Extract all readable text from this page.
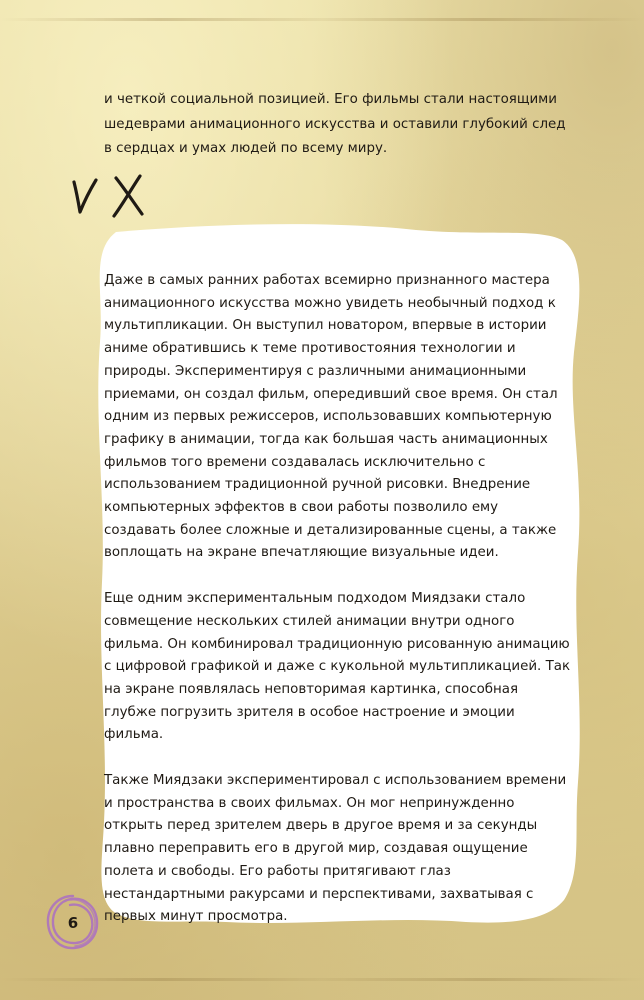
и четкой социальной позицией. Его фильмы стали настоящими шедеврами анимационного искусства и оставили глубокий след в сердцах и умах людей по всему миру.

Даже в самых ранних работах всемирно признанного мастера анимационного искусства можно увидеть необычный подход к мультипликации. Он выступил новатором, впервые в истории аниме обратившись к теме противостояния технологии и природы. Экспериментируя с различными анимационными приемами, он создал фильм, опередивший свое время. Он стал одним из первых режиссеров, использовавших компьютерную графику в анимации, тогда как большая часть анимационных фильмов того времени создавалась исключительно с использованием традиционной ручной рисовки. Внедрение компьютерных эффектов в свои работы позволило ему создавать более сложные и детализированные сцены, а также воплощать на экране впечатляющие визуальные идеи.

Еще одним экспериментальным подходом Миядзаки стало совмещение нескольких стилей анимации внутри одного фильма. Он комбинировал традиционную рисованную анимацию с цифровой графикой и даже с кукольной мультипликацией. Так на экране появлялась неповторимая картинка, способная глубже погрузить зрителя в особое настроение и эмоции фильма.

Также Миядзаки экспериментировал с использованием времени и пространства в своих фильмах. Он мог непринужденно открыть перед зрителем дверь в другое время и за секунды плавно переправить его в другой мир, создавая ощущение полета и свободы. Его работы притягивают глаз нестандартными ракурсами и перспективами, захватывая с первых минут просмотра.

6
